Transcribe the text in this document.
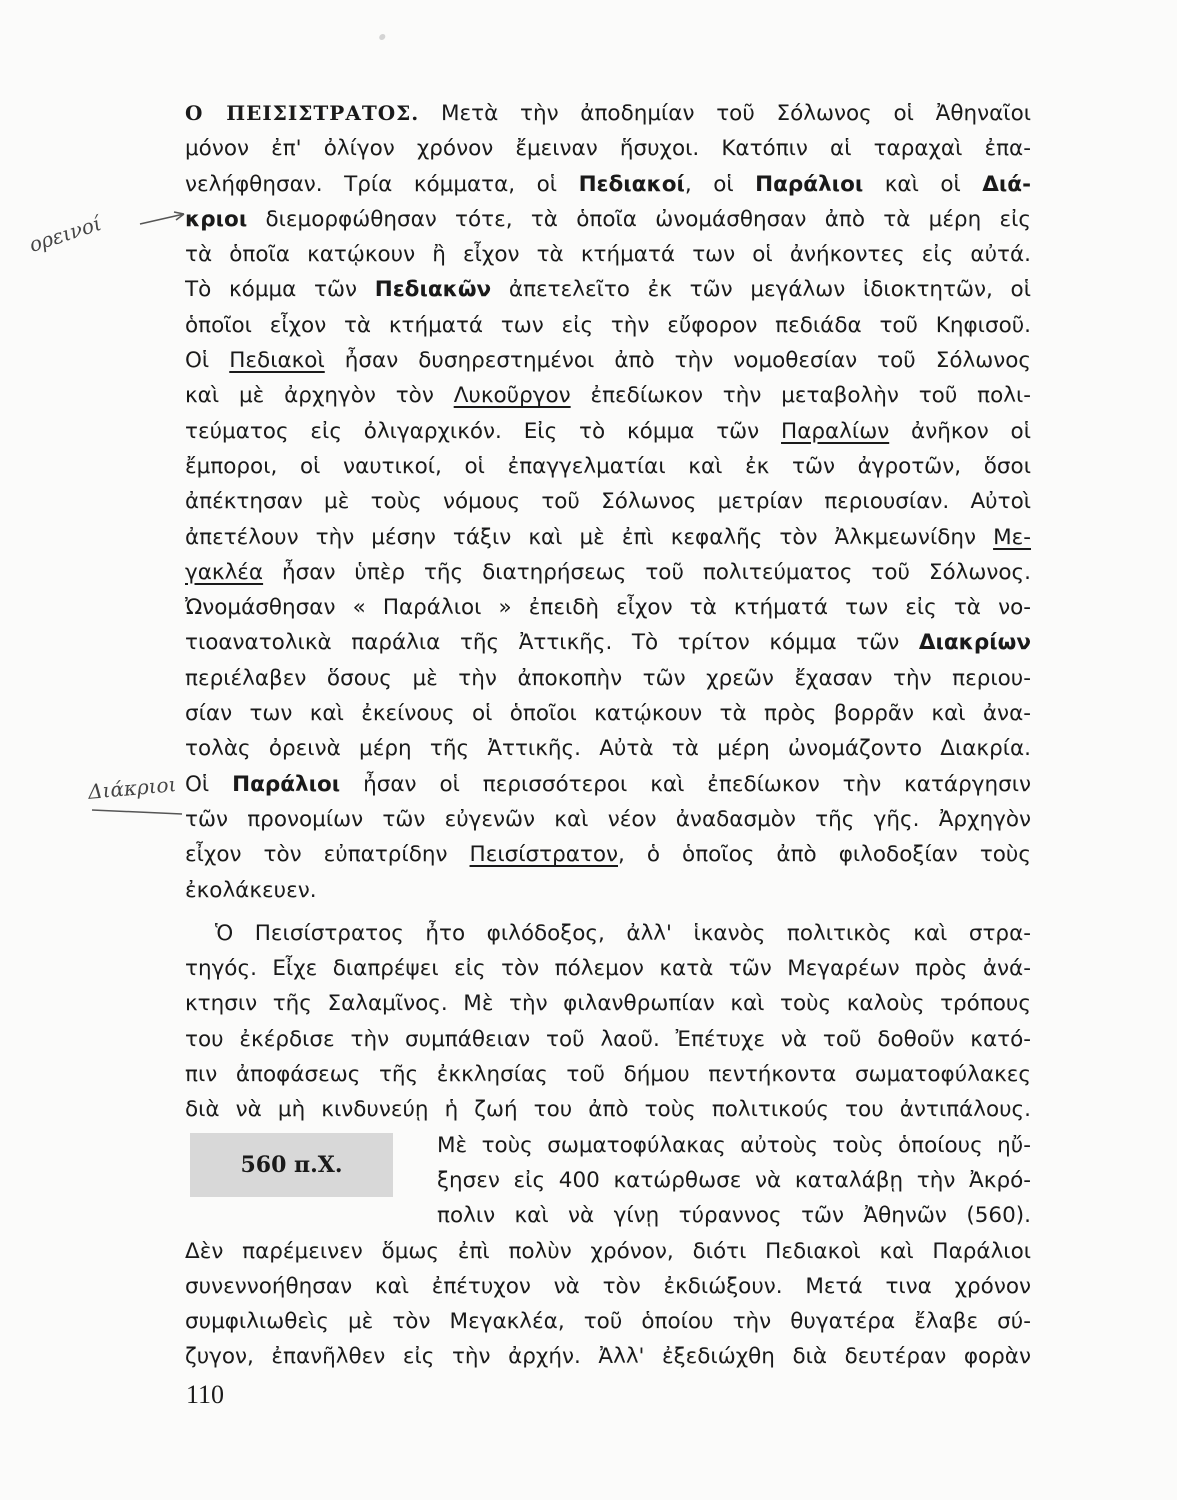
·
ορεινοί
Διάκριοι
Ο ΠΕΙΣΙΣΤΡΑΤΟΣ. Μετὰ τὴν ἀποδημίαν τοῦ Σόλωνος οἱ Ἀθηναῖοι
μόνον ἐπ' ὀλίγον χρόνον ἔμειναν ἥσυχοι. Κατόπιν αἱ ταραχαὶ ἐπα-
νελήφθησαν. Τρία κόμματα, οἱ Πεδιακοί, οἱ Παράλιοι καὶ οἱ Διά-
κριοι διεμορφώθησαν τότε, τὰ ὁποῖα ὠνομάσθησαν ἀπὸ τὰ μέρη εἰς
τὰ ὁποῖα κατῴκουν ἢ εἶχον τὰ κτήματά των οἱ ἀνήκοντες εἰς αὐτά.
Τὸ κόμμα τῶν Πεδιακῶν ἀπετελεῖτο ἐκ τῶν μεγάλων ἰδιοκτητῶν, οἱ
ὁποῖοι εἶχον τὰ κτήματά των εἰς τὴν εὔφορον πεδιάδα τοῦ Κηφισοῦ.
Οἱ Πεδιακοὶ ἦσαν δυσηρεστημένοι ἀπὸ τὴν νομοθεσίαν τοῦ Σόλωνος
καὶ μὲ ἀρχηγὸν τὸν Λυκοῦργον ἐπεδίωκον τὴν μεταβολὴν τοῦ πολι-
τεύματος εἰς ὀλιγαρχικόν. Εἰς τὸ κόμμα τῶν Παραλίων ἀνῆκον οἱ
ἔμποροι, οἱ ναυτικοί, οἱ ἐπαγγελματίαι καὶ ἐκ τῶν ἀγροτῶν, ὅσοι
ἀπέκτησαν μὲ τοὺς νόμους τοῦ Σόλωνος μετρίαν περιουσίαν. Αὐτοὶ
ἀπετέλουν τὴν μέσην τάξιν καὶ μὲ ἐπὶ κεφαλῆς τὸν Ἀλκμεωνίδην Με-
γακλέα ἦσαν ὑπὲρ τῆς διατηρήσεως τοῦ πολιτεύματος τοῦ Σόλωνος.
Ὠνομάσθησαν « Παράλιοι » ἐπειδὴ εἶχον τὰ κτήματά των εἰς τὰ νο-
τιοανατολικὰ παράλια τῆς Ἀττικῆς. Τὸ τρίτον κόμμα τῶν Διακρίων
περιέλαβεν ὅσους μὲ τὴν ἀποκοπὴν τῶν χρεῶν ἔχασαν τὴν περιου-
σίαν των καὶ ἐκείνους οἱ ὁποῖοι κατῴκουν τὰ πρὸς βορρᾶν καὶ ἀνα-
τολὰς ὀρεινὰ μέρη τῆς Ἀττικῆς. Αὐτὰ τὰ μέρη ὠνομάζοντο Διακρία.
Οἱ Παράλιοι ἦσαν οἱ περισσότεροι καὶ ἐπεδίωκον τὴν κατάργησιν
τῶν προνομίων τῶν εὐγενῶν καὶ νέον ἀναδασμὸν τῆς γῆς. Ἀρχηγὸν
εἶχον τὸν εὐπατρίδην Πεισίστρατον, ὁ ὁποῖος ἀπὸ φιλοδοξίαν τοὺς
ἐκολάκευεν.
Ὁ Πεισίστρατος ἦτο φιλόδοξος, ἀλλ' ἱκανὸς πολιτικὸς καὶ στρα-
τηγός. Εἶχε διαπρέψει εἰς τὸν πόλεμον κατὰ τῶν Μεγαρέων πρὸς ἀνά-
κτησιν τῆς Σαλαμῖνος. Μὲ τὴν φιλανθρωπίαν καὶ τοὺς καλοὺς τρόπους
του ἐκέρδισε τὴν συμπάθειαν τοῦ λαοῦ. Ἐπέτυχε νὰ τοῦ δοθοῦν κατό-
πιν ἀποφάσεως τῆς ἐκκλησίας τοῦ δήμου πεντήκοντα σωματοφύλακες
διὰ νὰ μὴ κινδυνεύῃ ἡ ζωή του ἀπὸ τοὺς πολιτικούς του ἀντιπάλους.
Μὲ τοὺς σωματοφύλακας αὐτοὺς τοὺς ὁποίους ηὔ-
ξησεν εἰς 400 κατώρθωσε νὰ καταλάβῃ τὴν Ἀκρό-
πολιν καὶ νὰ γίνῃ τύραννος τῶν Ἀθηνῶν (560).
Δὲν παρέμεινεν ὅμως ἐπὶ πολὺν χρόνον, διότι Πεδιακοὶ καὶ Παράλιοι
συνεννοήθησαν καὶ ἐπέτυχον νὰ τὸν ἐκδιώξουν. Μετά τινα χρόνον
συμφιλιωθεὶς μὲ τὸν Μεγακλέα, τοῦ ὁποίου τὴν θυγατέρα ἔλαβε σύ-
ζυγον, ἐπανῆλθεν εἰς τὴν ἀρχήν. Ἀλλ' ἐξεδιώχθη διὰ δευτέραν φορὰν
560 π.Χ.
110
